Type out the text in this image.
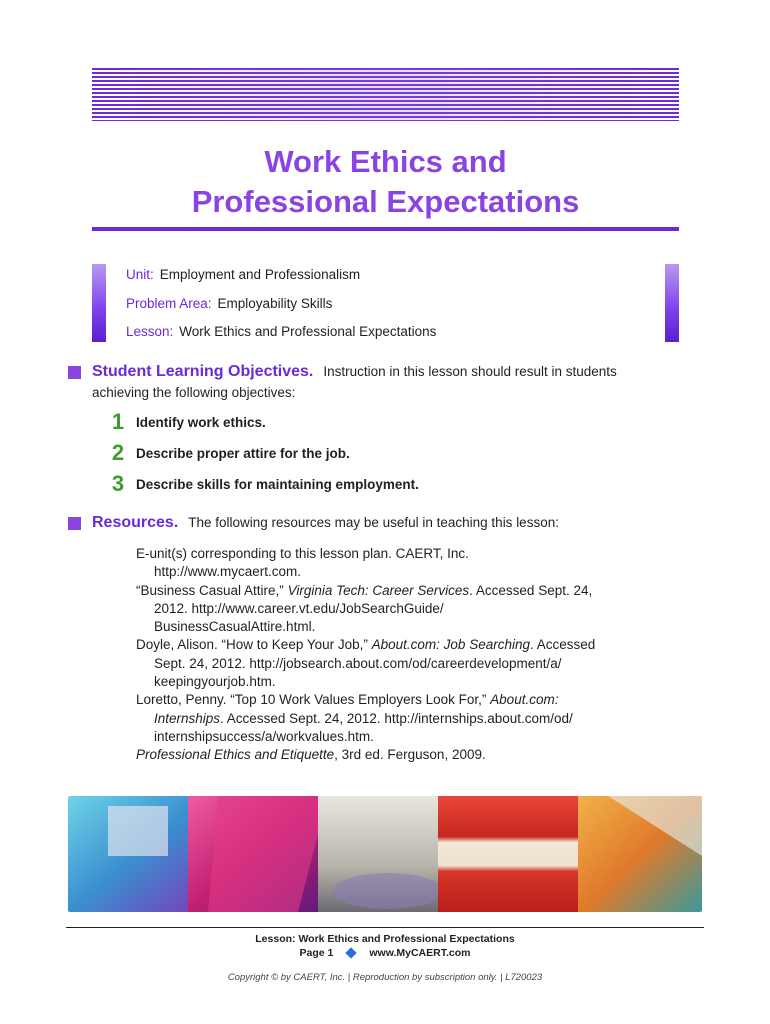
Work Ethics and
Professional Expectations
Unit: Employment and Professionalism
Problem Area: Employability Skills
Lesson: Work Ethics and Professional Expectations
Student Learning Objectives. Instruction in this lesson should result in students
achieving the following objectives:
1 Identify work ethics.
2 Describe proper attire for the job.
3 Describe skills for maintaining employment.
Resources. The following resources may be useful in teaching this lesson:
E-unit(s) corresponding to this lesson plan. CAERT, Inc.
http://www.mycaert.com.
“Business Casual Attire,” Virginia Tech: Career Services. Accessed Sept. 24,
2012. http://www.career.vt.edu/JobSearchGuide/
BusinessCasualAttire.html.
Doyle, Alison. “How to Keep Your Job,” About.com: Job Searching. Accessed
Sept. 24, 2012. http://jobsearch.about.com/od/careerdevelopment/a/
keepingyourjob.htm.
Loretto, Penny. “Top 10 Work Values Employers Look For,” About.com:
Internships. Accessed Sept. 24, 2012. http://internships.about.com/od/
internshipsuccess/a/workvalues.htm.
Professional Ethics and Etiquette, 3rd ed. Ferguson, 2009.
Lesson: Work Ethics and Professional Expectations
Page 1	www.MyCAERT.com
Copyright © by CAERT, Inc. | Reproduction by subscription only. | L720023
